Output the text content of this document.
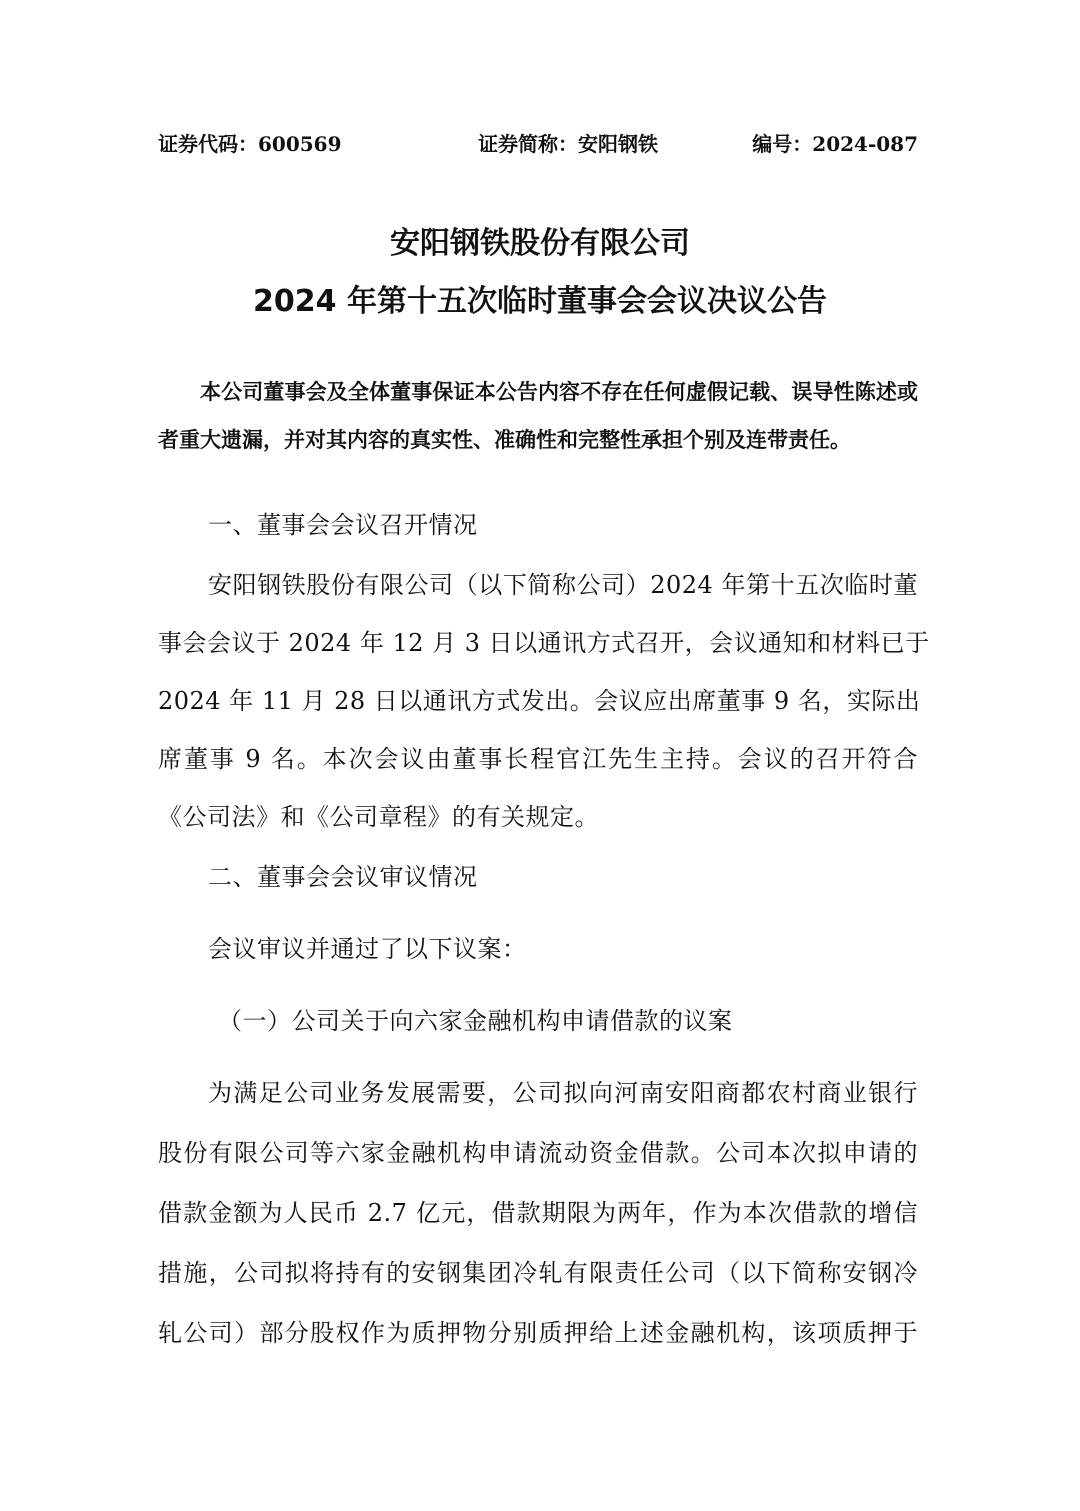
证券代码：600569	证券简称：安阳钢铁	编号：2024-087
安阳钢铁股份有限公司
2024 年第十五次临时董事会会议决议公告
本公司董事会及全体董事保证本公告内容不存在任何虚假记载、误导性陈述或者重大遗漏，并对其内容的真实性、准确性和完整性承担个别及连带责任。
一、董事会会议召开情况
安阳钢铁股份有限公司（以下简称公司）2024 年第十五次临时董
事会会议于 2024 年 12 月 3 日以通讯方式召开，会议通知和材料已于
2024 年 11 月 28 日以通讯方式发出。会议应出席董事 9 名，实际出
席董事 9 名。本次会议由董事长程官江先生主持。会议的召开符合
《公司法》和《公司章程》的有关规定。
二、董事会会议审议情况
会议审议并通过了以下议案：
（一）公司关于向六家金融机构申请借款的议案
为满足公司业务发展需要，公司拟向河南安阳商都农村商业银行
股份有限公司等六家金融机构申请流动资金借款。公司本次拟申请的
借款金额为人民币 2.7 亿元，借款期限为两年，作为本次借款的增信
措施，公司拟将持有的安钢集团冷轧有限责任公司（以下简称安钢冷
轧公司）部分股权作为质押物分别质押给上述金融机构，该项质押于
